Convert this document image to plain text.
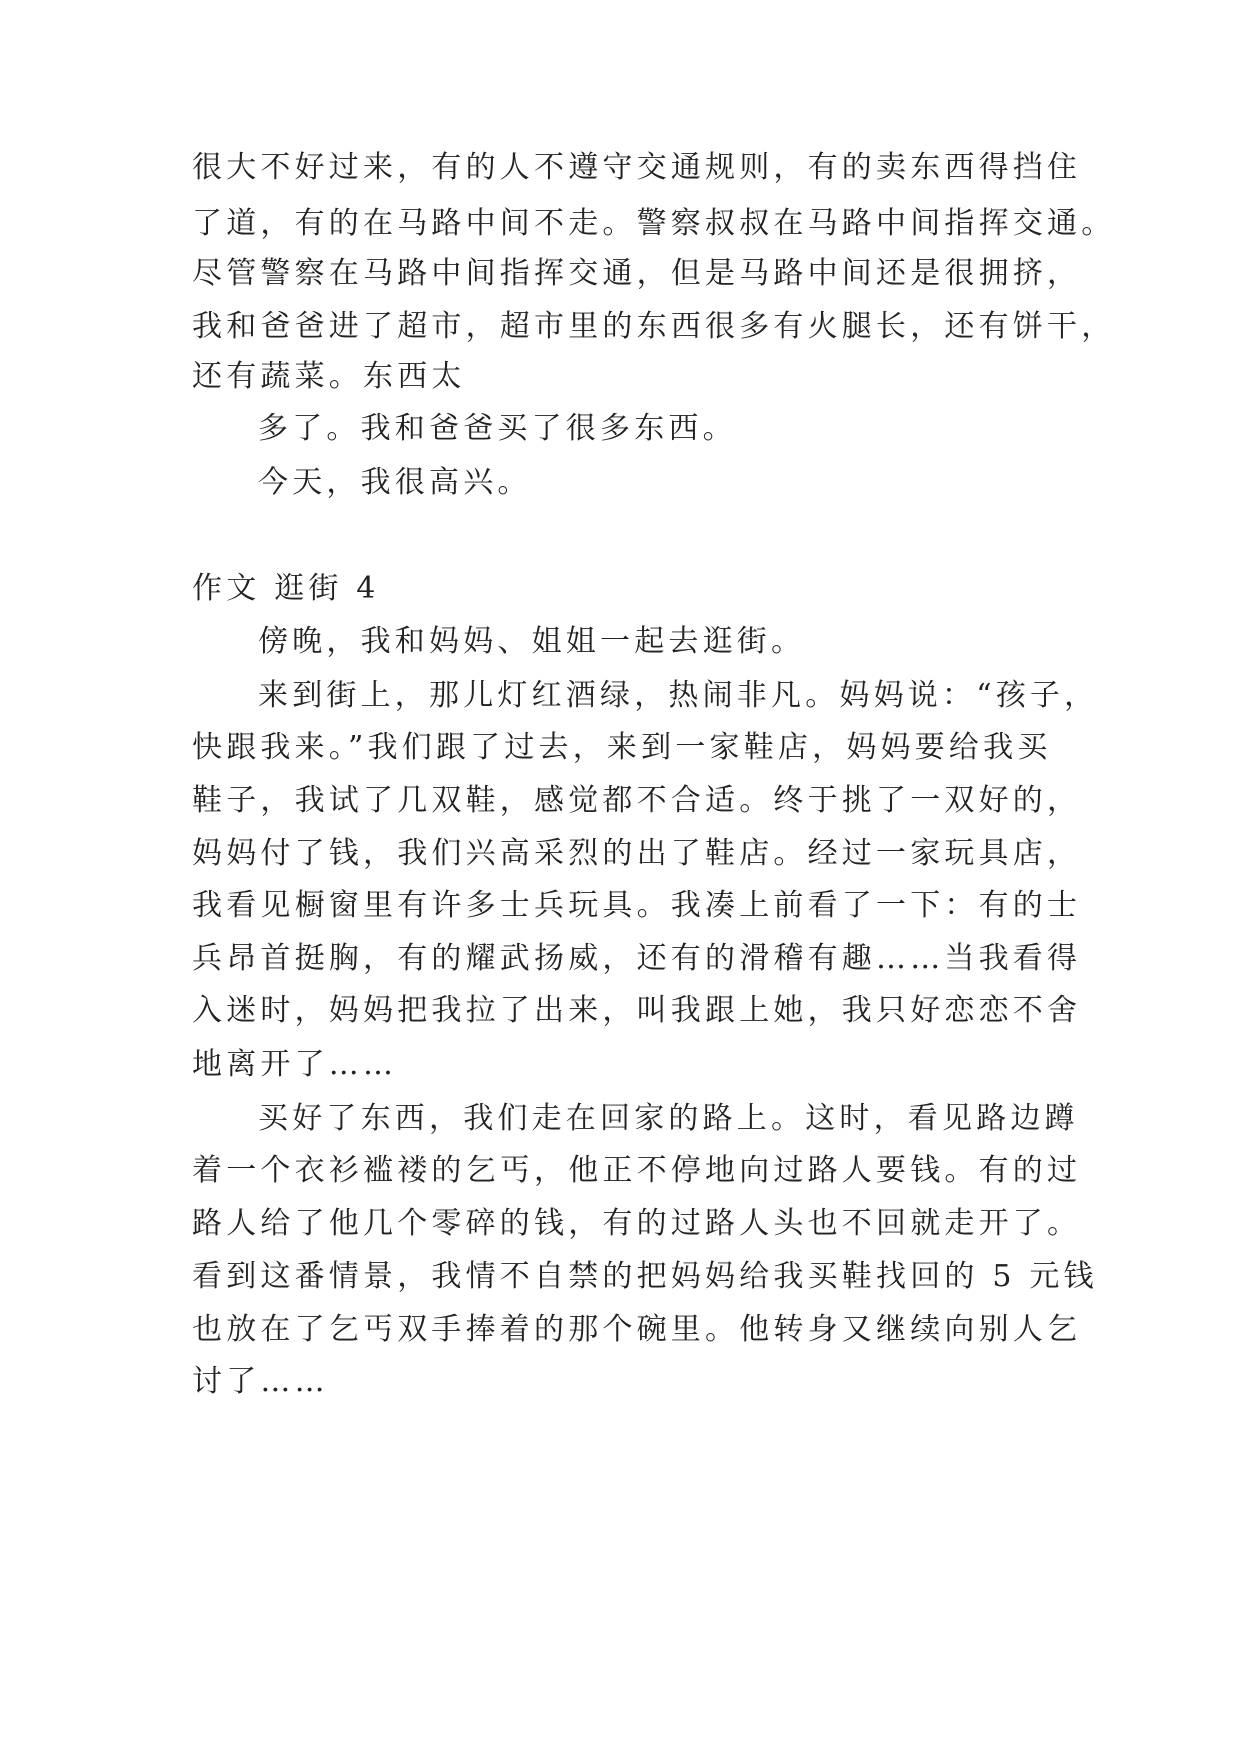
很大不好过来，有的人不遵守交通规则，有的卖东西得挡住
了道，有的在马路中间不走。警察叔叔在马路中间指挥交通。
尽管警察在马路中间指挥交通，但是马路中间还是很拥挤，
我和爸爸进了超市，超市里的东西很多有火腿长，还有饼干，
还有蔬菜。东西太
多了。我和爸爸买了很多东西。
今天，我很高兴。
作文 逛街 4
傍晚，我和妈妈、姐姐一起去逛街。
来到街上，那儿灯红酒绿，热闹非凡。妈妈说：“孩子，
快跟我来。”我们跟了过去，来到一家鞋店，妈妈要给我买
鞋子，我试了几双鞋，感觉都不合适。终于挑了一双好的，
妈妈付了钱，我们兴高采烈的出了鞋店。经过一家玩具店，
我看见橱窗里有许多士兵玩具。我凑上前看了一下：有的士
兵昂首挺胸，有的耀武扬威，还有的滑稽有趣……当我看得
入迷时，妈妈把我拉了出来，叫我跟上她，我只好恋恋不舍
地离开了……
买好了东西，我们走在回家的路上。这时，看见路边蹲
着一个衣衫褴褛的乞丐，他正不停地向过路人要钱。有的过
路人给了他几个零碎的钱，有的过路人头也不回就走开了。
看到这番情景，我情不自禁的把妈妈给我买鞋找回的 5 元钱
也放在了乞丐双手捧着的那个碗里。他转身又继续向别人乞
讨了……
